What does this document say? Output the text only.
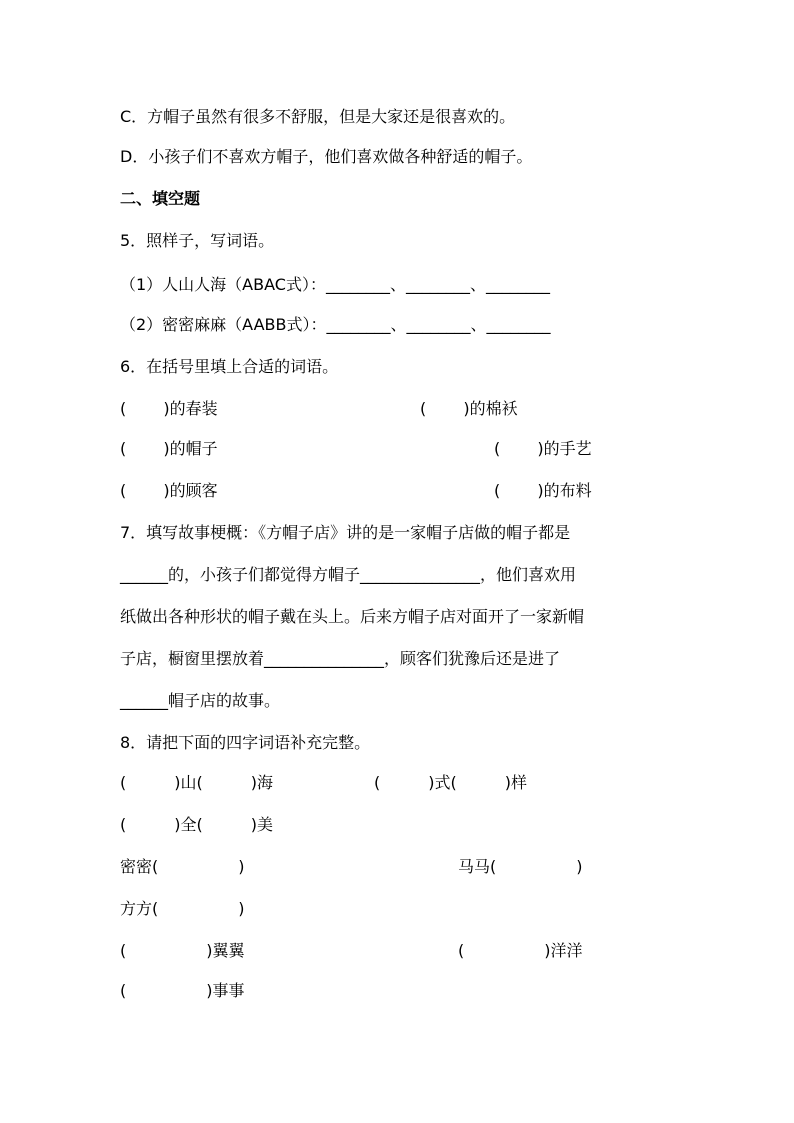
C．方帽子虽然有很多不舒服，但是大家还是很喜欢的。
D．小孩子们不喜欢方帽子，他们喜欢做各种舒适的帽子。
二、填空题
5．照样子，写词语。
（1）人山人海（ABAC式）：________、________、________
（2）密密麻麻（AABB式）：________、________、________
6．在括号里填上合适的词语。
(　　 )的春装	(　　 )的棉袄
(　　 )的帽子	(　　 )的手艺
(　　 )的顾客	(　　 )的布料
7．填写故事梗概：《方帽子店》讲的是一家帽子店做的帽子都是
______的，小孩子们都觉得方帽子_______________，他们喜欢用
纸做出各种形状的帽子戴在头上。后来方帽子店对面开了一家新帽
子店，橱窗里摆放着_______________，顾客们犹豫后还是进了
______帽子店的故事。
8．请把下面的四字词语补充完整。
(　　　)山(　　　)海	(　　　)式(　　　)样
(　　　)全(　　　)美
密密(　　　　　)	马马(　　　　　)
方方(　　　　　)
(　　　　　)翼翼	(　　　　　)洋洋
(　　　　　)事事
